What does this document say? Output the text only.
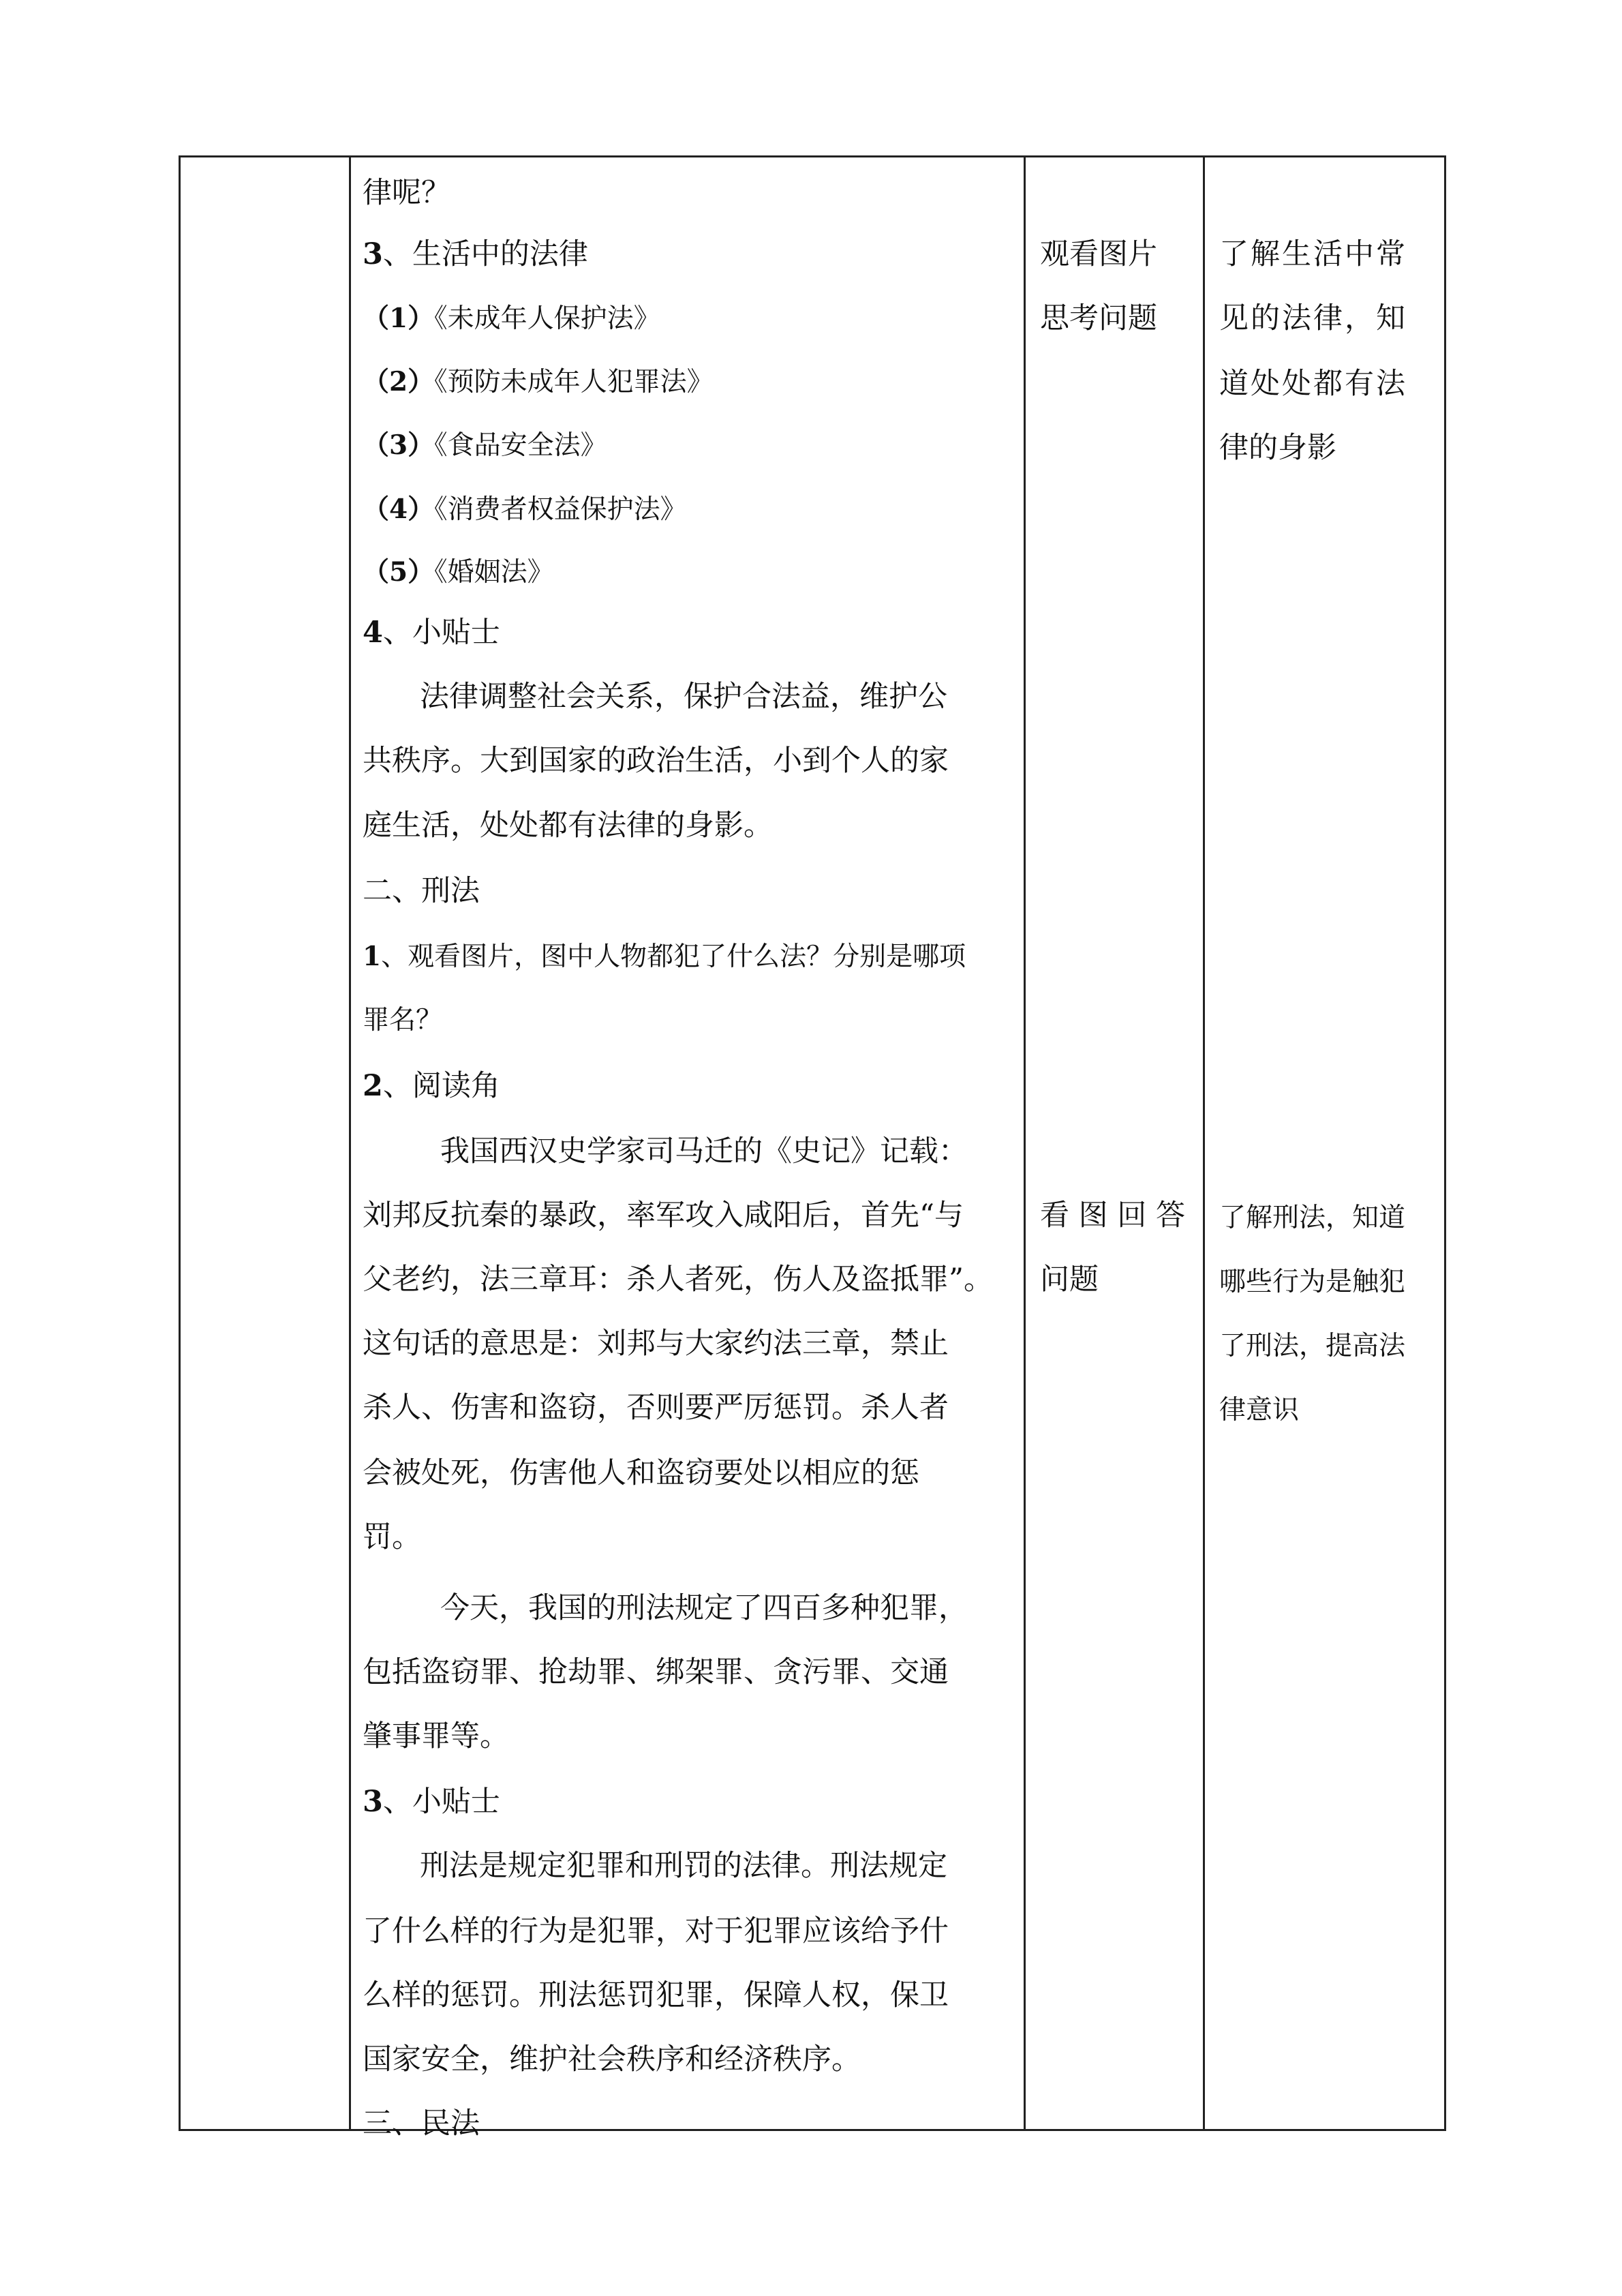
律呢？
3、生活中的法律
（1）《未成年人保护法》
（2）《预防未成年人犯罪法》
（3）《食品安全法》
（4）《消费者权益保护法》
（5）《婚姻法》
4、小贴士
法律调整社会关系，保护合法益，维护公
共秩序。大到国家的政治生活，小到个人的家
庭生活，处处都有法律的身影。
二、刑法
1、观看图片，图中人物都犯了什么法？分别是哪项
罪名？
2、阅读角
我国西汉史学家司马迁的《史记》记载：
刘邦反抗秦的暴政，率军攻入咸阳后，首先“与
父老约，法三章耳：杀人者死，伤人及盗抵罪”。
这句话的意思是：刘邦与大家约法三章，禁止
杀人、伤害和盗窃，否则要严厉惩罚。杀人者
会被处死，伤害他人和盗窃要处以相应的惩
罚。
今天，我国的刑法规定了四百多种犯罪，
包括盗窃罪、抢劫罪、绑架罪、贪污罪、交通
肇事罪等。
3、小贴士
刑法是规定犯罪和刑罚的法律。刑法规定
了什么样的行为是犯罪，对于犯罪应该给予什
么样的惩罚。刑法惩罚犯罪，保障人权，保卫
国家安全，维护社会秩序和经济秩序。
三、民法
观看图片
思考问题
看 图 回 答
问题
了解生活中常
见的法律，知
道处处都有法
律的身影
了解刑法，知道
哪些行为是触犯
了刑法，提高法
律意识
